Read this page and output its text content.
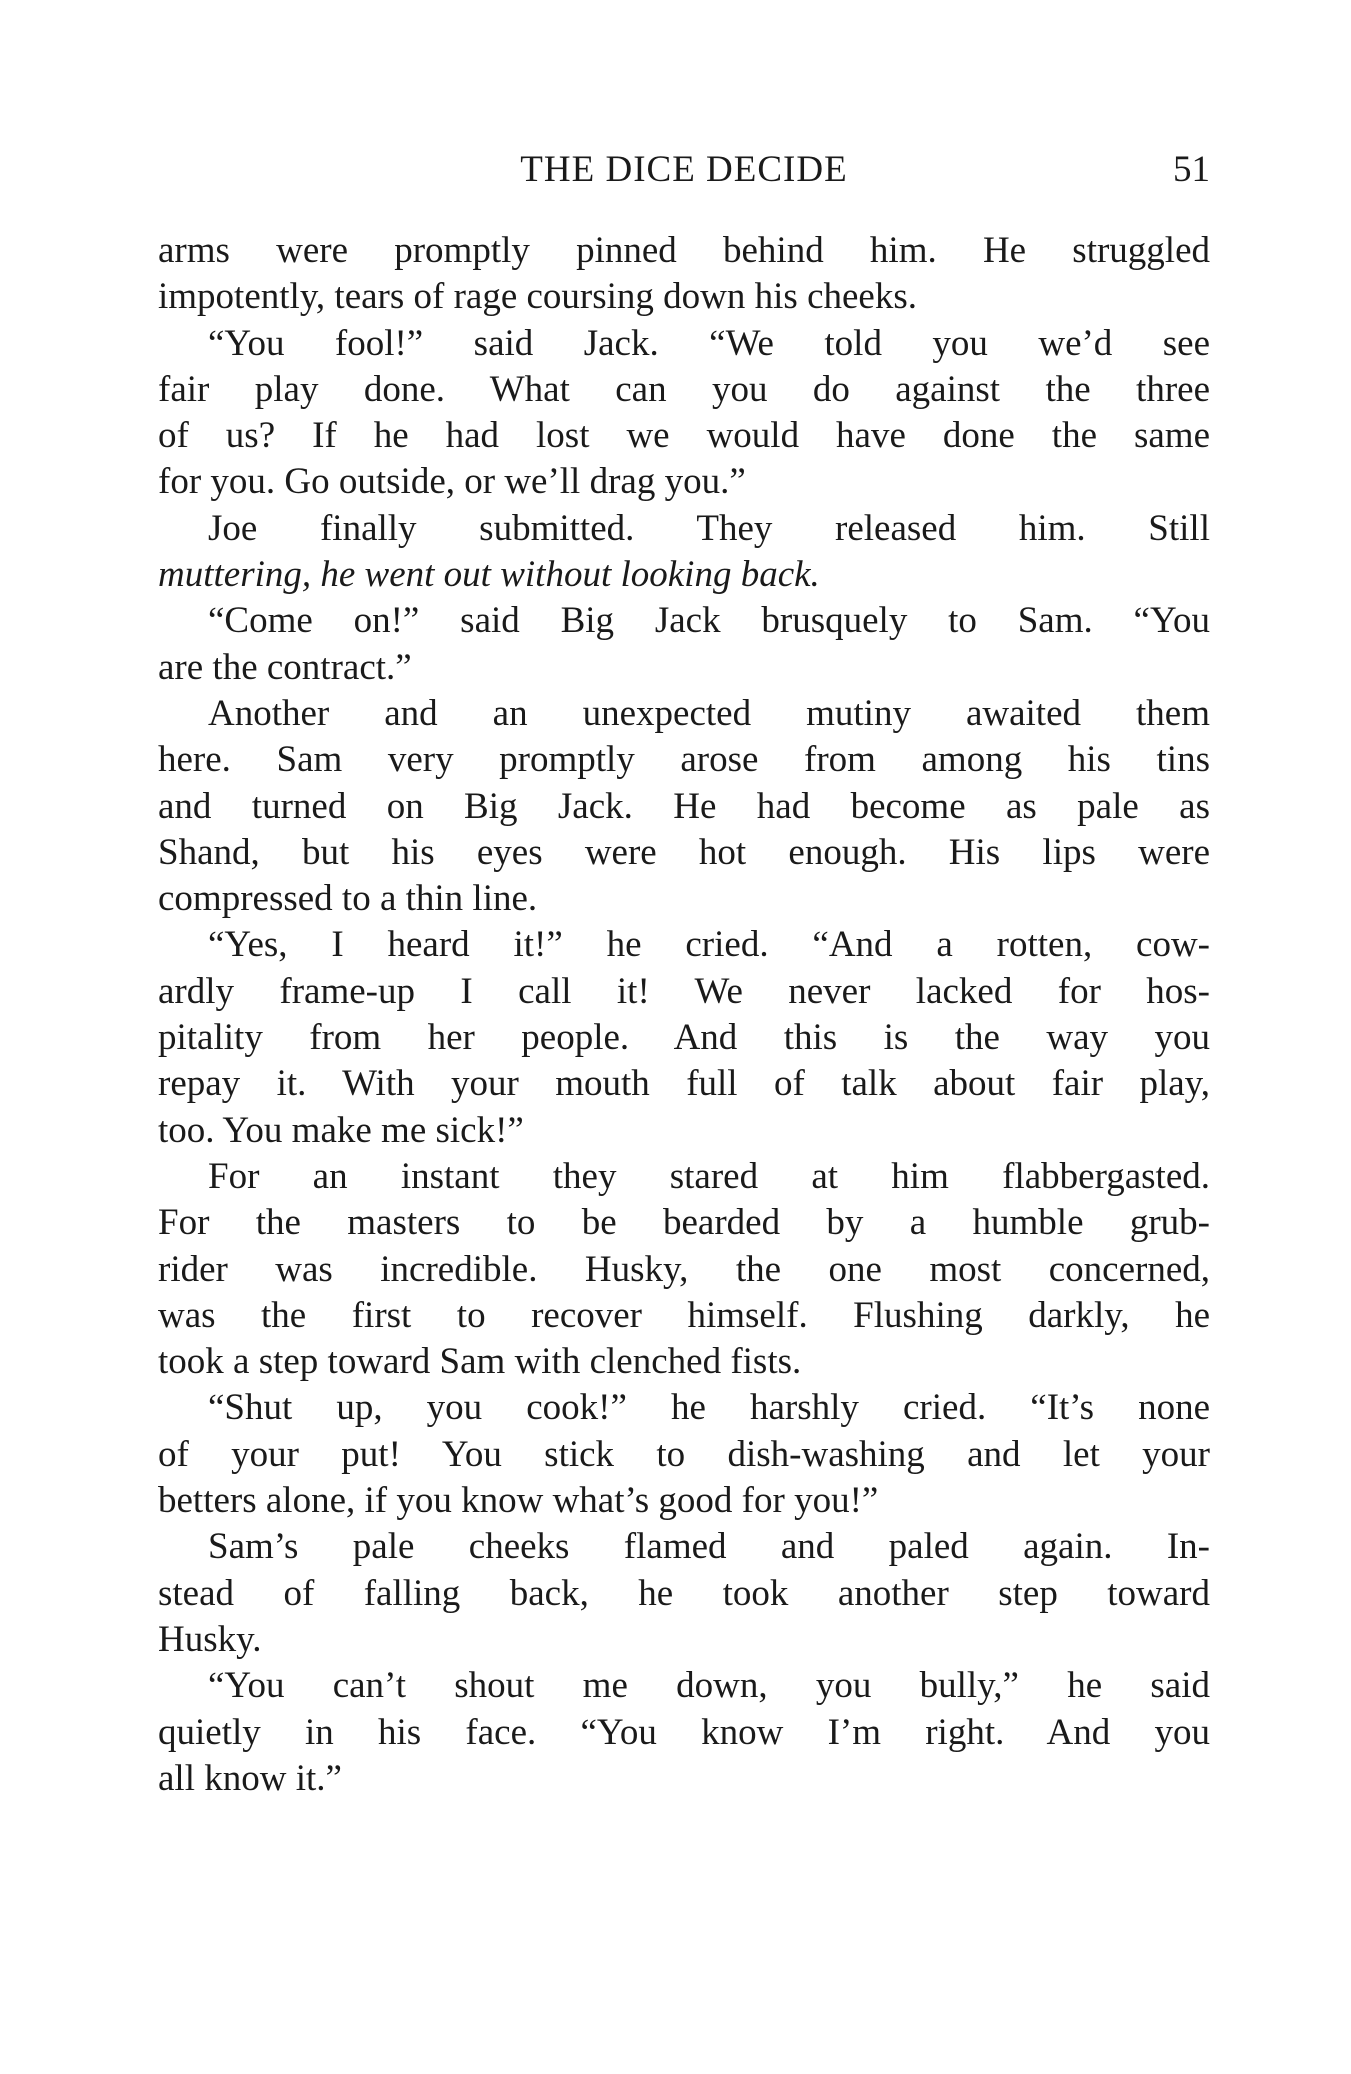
THE DICE DECIDE	51
arms were promptly pinned behind him. He struggled
impotently, tears of rage coursing down his cheeks.
“You fool!” said Jack. “We told you we’d see
fair play done. What can you do against the three
of us? If he had lost we would have done the same
for you. Go outside, or we’ll drag you.”
Joe finally submitted. They released him. Still
muttering, he went out without looking back.
“Come on!” said Big Jack brusquely to Sam. “You
are the contract.”
Another and an unexpected mutiny awaited them
here. Sam very promptly arose from among his tins
and turned on Big Jack. He had become as pale as
Shand, but his eyes were hot enough. His lips were
compressed to a thin line.
“Yes, I heard it!” he cried. “And a rotten, cow-
ardly frame-up I call it! We never lacked for hos-
pitality from her people. And this is the way you
repay it. With your mouth full of talk about fair play,
too. You make me sick!”
For an instant they stared at him flabbergasted.
For the masters to be bearded by a humble grub-
rider was incredible. Husky, the one most concerned,
was the first to recover himself. Flushing darkly, he
took a step toward Sam with clenched fists.
“Shut up, you cook!” he harshly cried. “It’s none
of your put! You stick to dish-washing and let your
betters alone, if you know what’s good for you!”
Sam’s pale cheeks flamed and paled again. In-
stead of falling back, he took another step toward
Husky.
“You can’t shout me down, you bully,” he said
quietly in his face. “You know I’m right. And you
all know it.”
